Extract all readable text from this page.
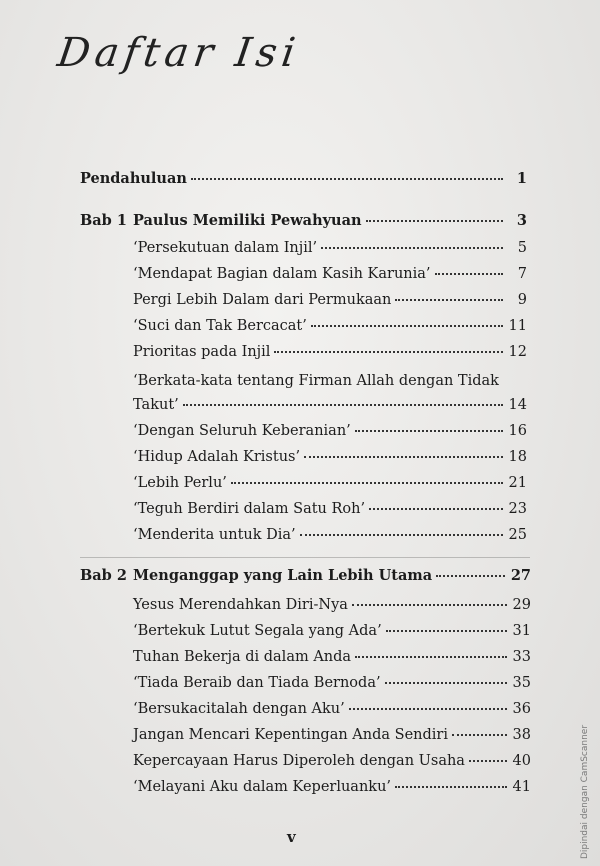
Daftar Isi
Pendahuluan	1
Bab 1 Paulus Memiliki Pewahyuan	3
‘Persekutuan dalam Injil’	5
‘Mendapat Bagian dalam Kasih Karunia’	7
Pergi Lebih Dalam dari Permukaan	9
‘Suci dan Tak Bercacat’	11
Prioritas pada Injil	12
‘Berkata-kata tentang Firman Allah dengan Tidak
Takut’	14
‘Dengan Seluruh Keberanian’	16
‘Hidup Adalah Kristus’	18
‘Lebih Perlu’	21
‘Teguh Berdiri dalam Satu Roh’	23
‘Menderita untuk Dia’	25
Bab 2 Menganggap yang Lain Lebih Utama	27
Yesus Merendahkan Diri-Nya	29
‘Bertekuk Lutut Segala yang Ada’	31
Tuhan Bekerja di dalam Anda	33
‘Tiada Beraib dan Tiada Bernoda’	35
‘Bersukacitalah dengan Aku’	36
Jangan Mencari Kepentingan Anda Sendiri	38
Kepercayaan Harus Diperoleh dengan Usaha	40
‘Melayani Aku dalam Keperluanku’	41
v	Dipindai dengan CamScanner
